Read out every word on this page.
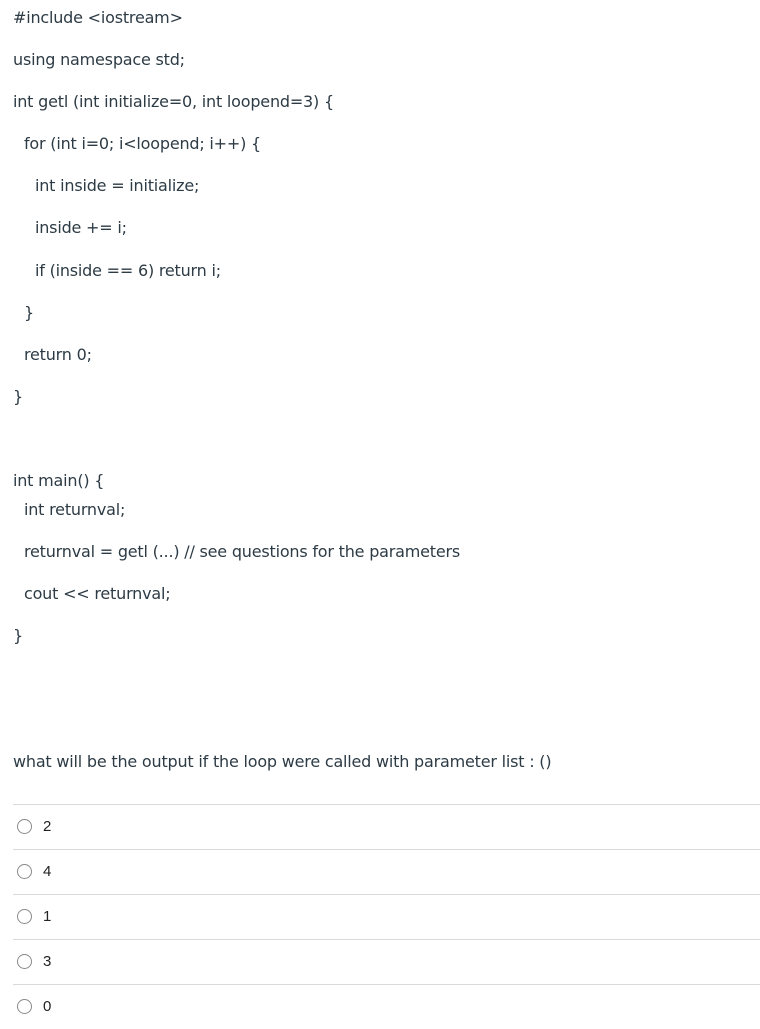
#include <iostream>
using namespace std;
int getl (int initialize=0, int loopend=3) {
for (int i=0; i<loopend; i++) {
int inside = initialize;
inside += i;
if (inside == 6) return i;
}
return 0;
}
int main() {
int returnval;
returnval = getl (...) // see questions for the parameters
cout << returnval;
}
what will be the output if the loop were called with parameter list : ()
2
4
1
3
0
